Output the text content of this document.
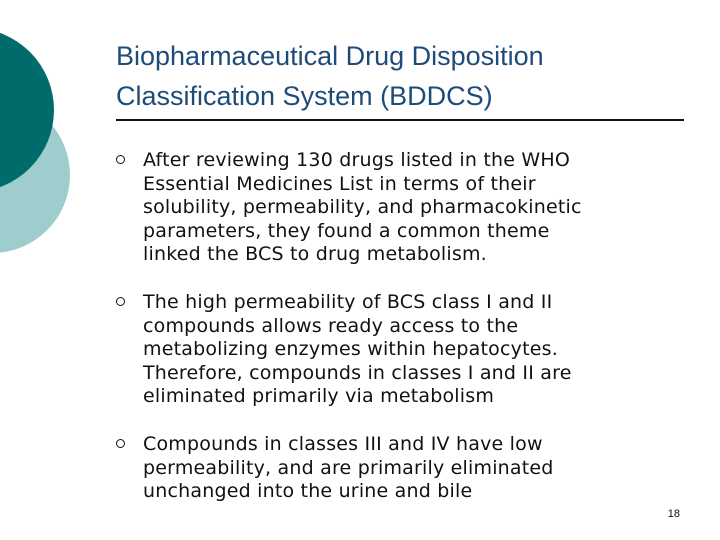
Biopharmaceutical Drug Disposition
Classification System (BDDCS)
After reviewing 130 drugs listed in the WHO
Essential Medicines List in terms of their
solubility, permeability, and pharmacokinetic
parameters, they found a common theme
linked the BCS to drug metabolism.
The high permeability of BCS class I and II
compounds allows ready access to the
metabolizing enzymes within hepatocytes.
Therefore, compounds in classes I and II are
eliminated primarily via metabolism
Compounds in classes III and IV have low
permeability, and are primarily eliminated
unchanged into the urine and bile
18
